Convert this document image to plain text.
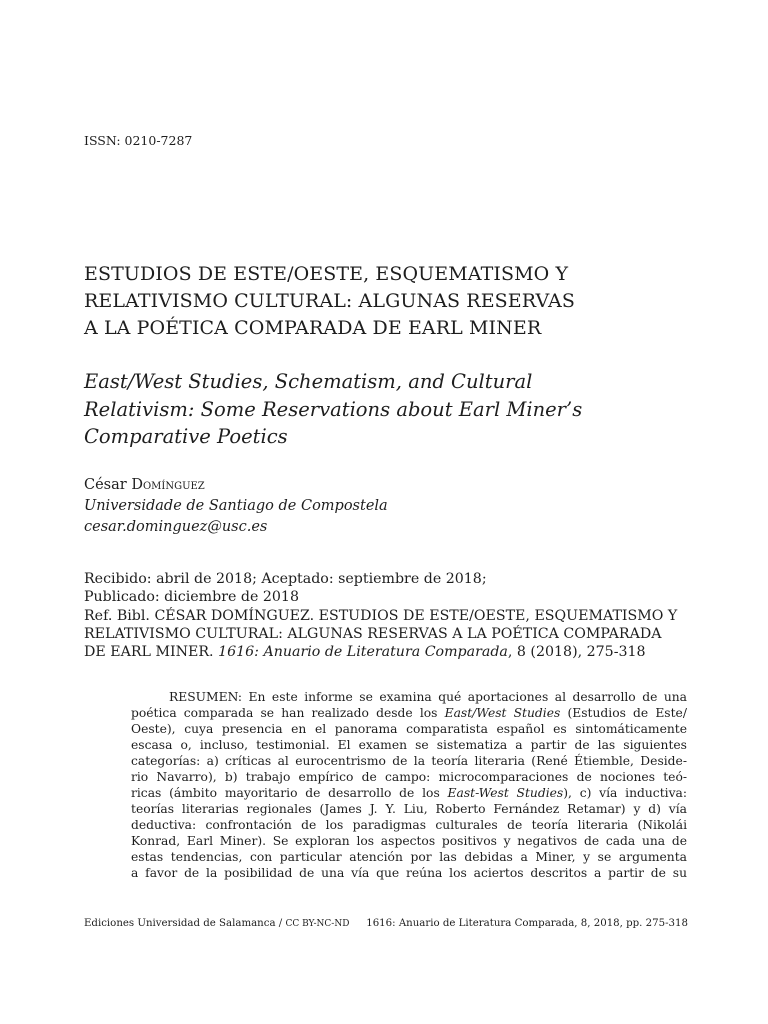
ISSN: 0210-7287
ESTUDIOS DE ESTE/OESTE, ESQUEMATISMO Y
RELATIVISMO CULTURAL: ALGUNAS RESERVAS
A LA POÉTICA COMPARADA DE EARL MINER
East/West Studies, Schematism, and Cultural
Relativism: Some Reservations about Earl Miner’s
Comparative Poetics
César Domínguez
Universidade de Santiago de Compostela
cesar.dominguez@usc.es
Recibido: abril de 2018; Aceptado: septiembre de 2018;
Publicado: diciembre de 2018
Ref. Bibl. CÉSAR DOMÍNGUEZ. ESTUDIOS DE ESTE/OESTE, ESQUEMATISMO Y
RELATIVISMO CULTURAL: ALGUNAS RESERVAS A LA POÉTICA COMPARADA
DE EARL MINER. 1616: Anuario de Literatura Comparada, 8 (2018), 275-318
RESUMEN: En este informe se examina qué aportaciones al desarrollo de una
poética comparada se han realizado desde los East/West Studies (Estudios de Este/
Oeste), cuya presencia en el panorama comparatista español es sintomáticamente
escasa o, incluso, testimonial. El examen se sistematiza a partir de las siguientes
categorías: a) críticas al eurocentrismo de la teoría literaria (René Étiemble, Deside-
rio Navarro), b) trabajo empírico de campo: microcomparaciones de nociones teó-
ricas (ámbito mayoritario de desarrollo de los East-West Studies), c) vía inductiva:
teorías literarias regionales (James J. Y. Liu, Roberto Fernández Retamar) y d) vía
deductiva: confrontación de los paradigmas culturales de teoría literaria (Nikolái
Konrad, Earl Miner). Se exploran los aspectos positivos y negativos de cada una de
estas tendencias, con particular atención por las debidas a Miner, y se argumenta
a favor de la posibilidad de una vía que reúna los aciertos descritos a partir de su
Ediciones Universidad de Salamanca / CC BY-NC-ND 1616: Anuario de Literatura Comparada, 8, 2018, pp. 275-318
